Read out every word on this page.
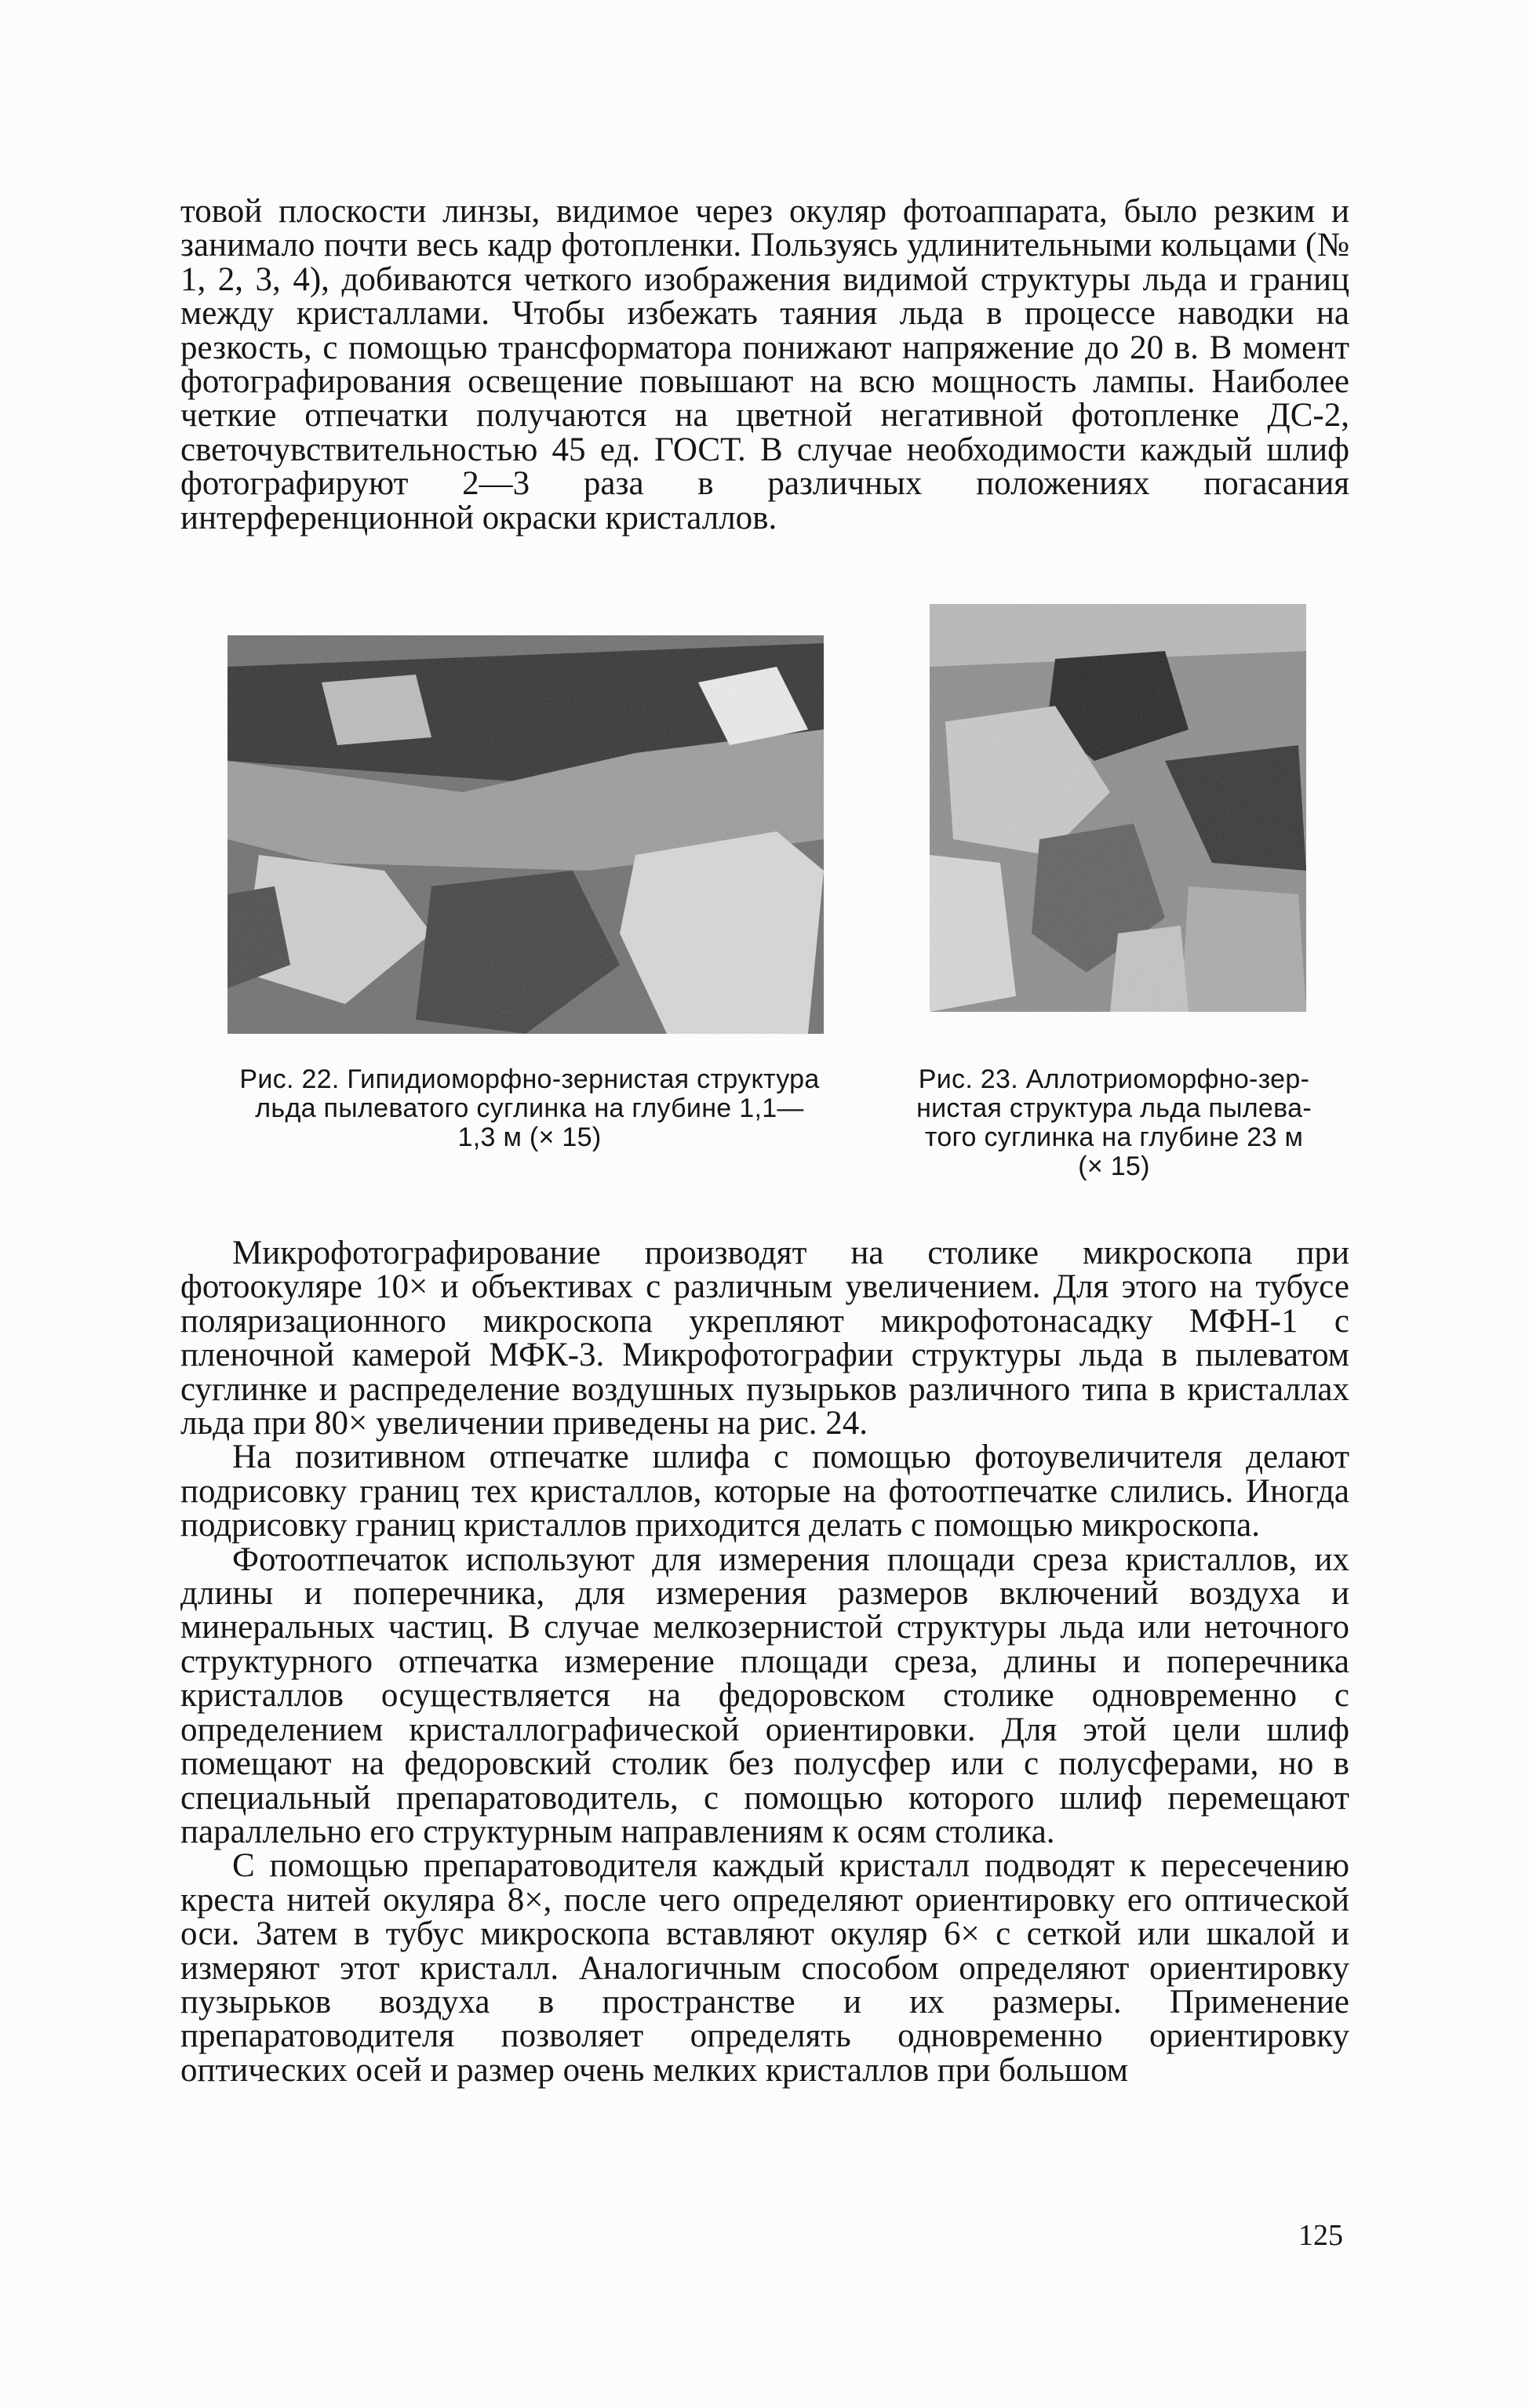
товой плоскости линзы, видимое через окуляр фотоаппарата, было резким и занимало почти весь кадр фотопленки. Пользуясь удлинительными кольцами (№ 1, 2, 3, 4), добиваются четкого изображения видимой структуры льда и границ между кристаллами. Чтобы избежать таяния льда в процессе наводки на резкость, с помощью трансформатора понижают напряжение до 20 в. В момент фотографирования освещение повышают на всю мощность лампы. Наиболее четкие отпечатки получаются на цветной негативной фотопленке ДС-2, светочувствительностью 45 ед. ГОСТ. В случае необходимости каждый шлиф фотографируют 2—3 раза в различных положениях погасания интерференционной окраски кристаллов.

Рис. 22. Гипидиоморфно-зернистая структура
льда пылеватого суглинка на глубине 1,1—
1,3 м (× 15)
Рис. 23. Аллотриоморфно-зер-
нистая структура льда пылева-
того суглинка на глубине 23 м
(× 15)

Микрофотографирование производят на столике микроскопа при фотоокуляре 10× и объективах с различным увеличением. Для этого на тубусе поляризационного микроскопа укрепляют микрофотонасадку МФН-1 с пленочной камерой МФК-3. Микрофотографии структуры льда в пылеватом суглинке и распределение воздушных пузырьков различного типа в кристаллах льда при 80× увеличении приведены на рис. 24.

На позитивном отпечатке шлифа с помощью фотоувеличителя делают подрисовку границ тех кристаллов, которые на фотоотпечатке слились. Иногда подрисовку границ кристаллов приходится делать с помощью микроскопа.

Фотоотпечаток используют для измерения площади среза кристаллов, их длины и поперечника, для измерения размеров включений воздуха и минеральных частиц. В случае мелкозернистой структуры льда или неточного структурного отпечатка измерение площади среза, длины и поперечника кристаллов осуществляется на федоровском столике одновременно с определением кристаллографической ориентировки. Для этой цели шлиф помещают на федоровский столик без полусфер или с полусферами, но в специальный препаратоводитель, с помощью которого шлиф перемещают параллельно его структурным направлениям к осям столика.

С помощью препаратоводителя каждый кристалл подводят к пересечению креста нитей окуляра 8×, после чего определяют ориентировку его оптической оси. Затем в тубус микроскопа вставляют окуляр 6× с сеткой или шкалой и измеряют этот кристалл. Аналогичным способом определяют ориентировку пузырьков воздуха в пространстве и их размеры. Применение препаратоводителя позволяет определять одновременно ориентировку оптических осей и размер очень мелких кристаллов при большом

125
